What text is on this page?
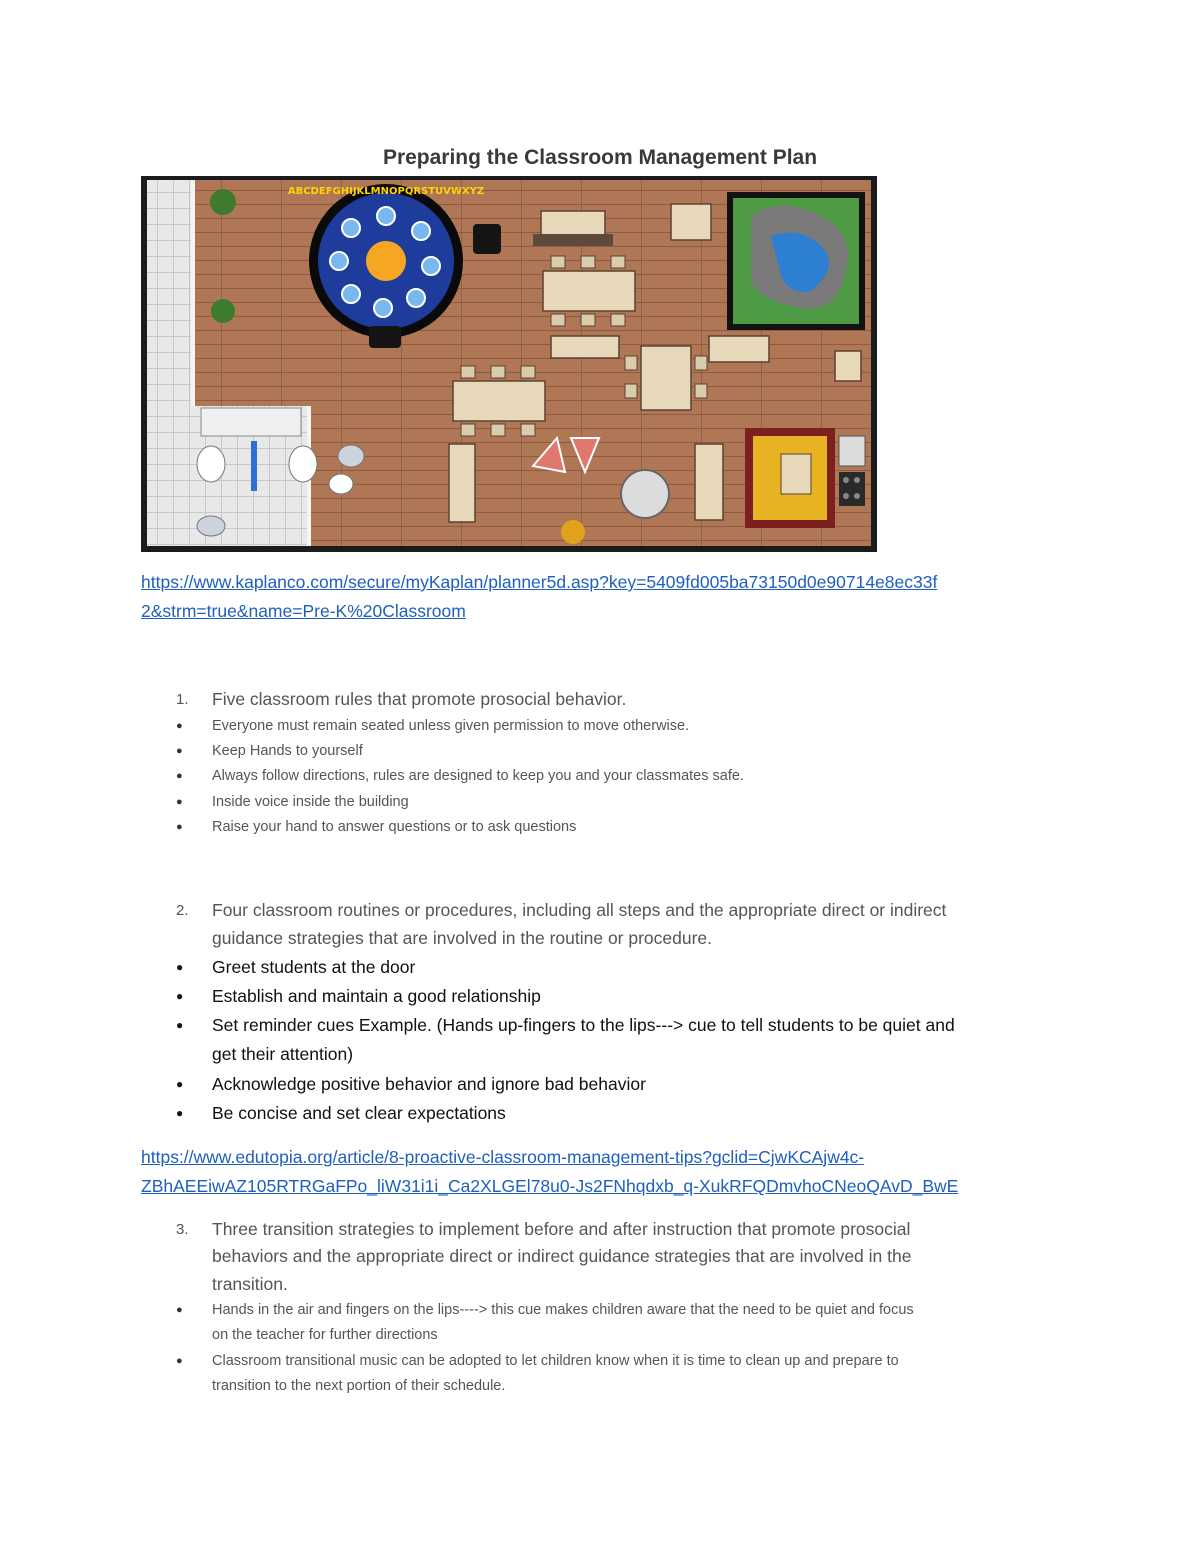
Preparing the Classroom Management Plan
ABCDEFGHIJKLMNOPQRSTUVWXYZ
https://www.kaplanco.com/secure/myKaplan/planner5d.asp?key=5409fd005ba73150d0e90714e8ec33f
2&strm=true&name=Pre-K%20Classroom
1.	Five classroom rules that promote prosocial behavior.
● Everyone must remain seated unless given permission to move otherwise.
● Keep Hands to yourself
● Always follow directions, rules are designed to keep you and your classmates safe.
● Inside voice inside the building
● Raise your hand to answer questions or to ask questions
2.	Four classroom routines or procedures, including all steps and the appropriate direct or indirect
guidance strategies that are involved in the routine or procedure.
● Greet students at the door
● Establish and maintain a good relationship
● Set reminder cues Example. (Hands up-fingers to the lips---> cue to tell students to be quiet and
get their attention)
● Acknowledge positive behavior and ignore bad behavior
● Be concise and set clear expectations
https://www.edutopia.org/article/8-proactive-classroom-management-tips?gclid=CjwKCAjw4c-
ZBhAEEiwAZ105RTRGaFPo_liW31i1i_Ca2XLGEl78u0-Js2FNhqdxb_q-XukRFQDmvhoCNeoQAvD_BwE
3.	Three transition strategies to implement before and after instruction that promote prosocial
behaviors and the appropriate direct or indirect guidance strategies that are involved in the
transition.
● Hands in the air and fingers on the lips----> this cue makes children aware that the need to be quiet and focus
on the teacher for further directions
● Classroom transitional music can be adopted to let children know when it is time to clean up and prepare to
transition to the next portion of their schedule.
